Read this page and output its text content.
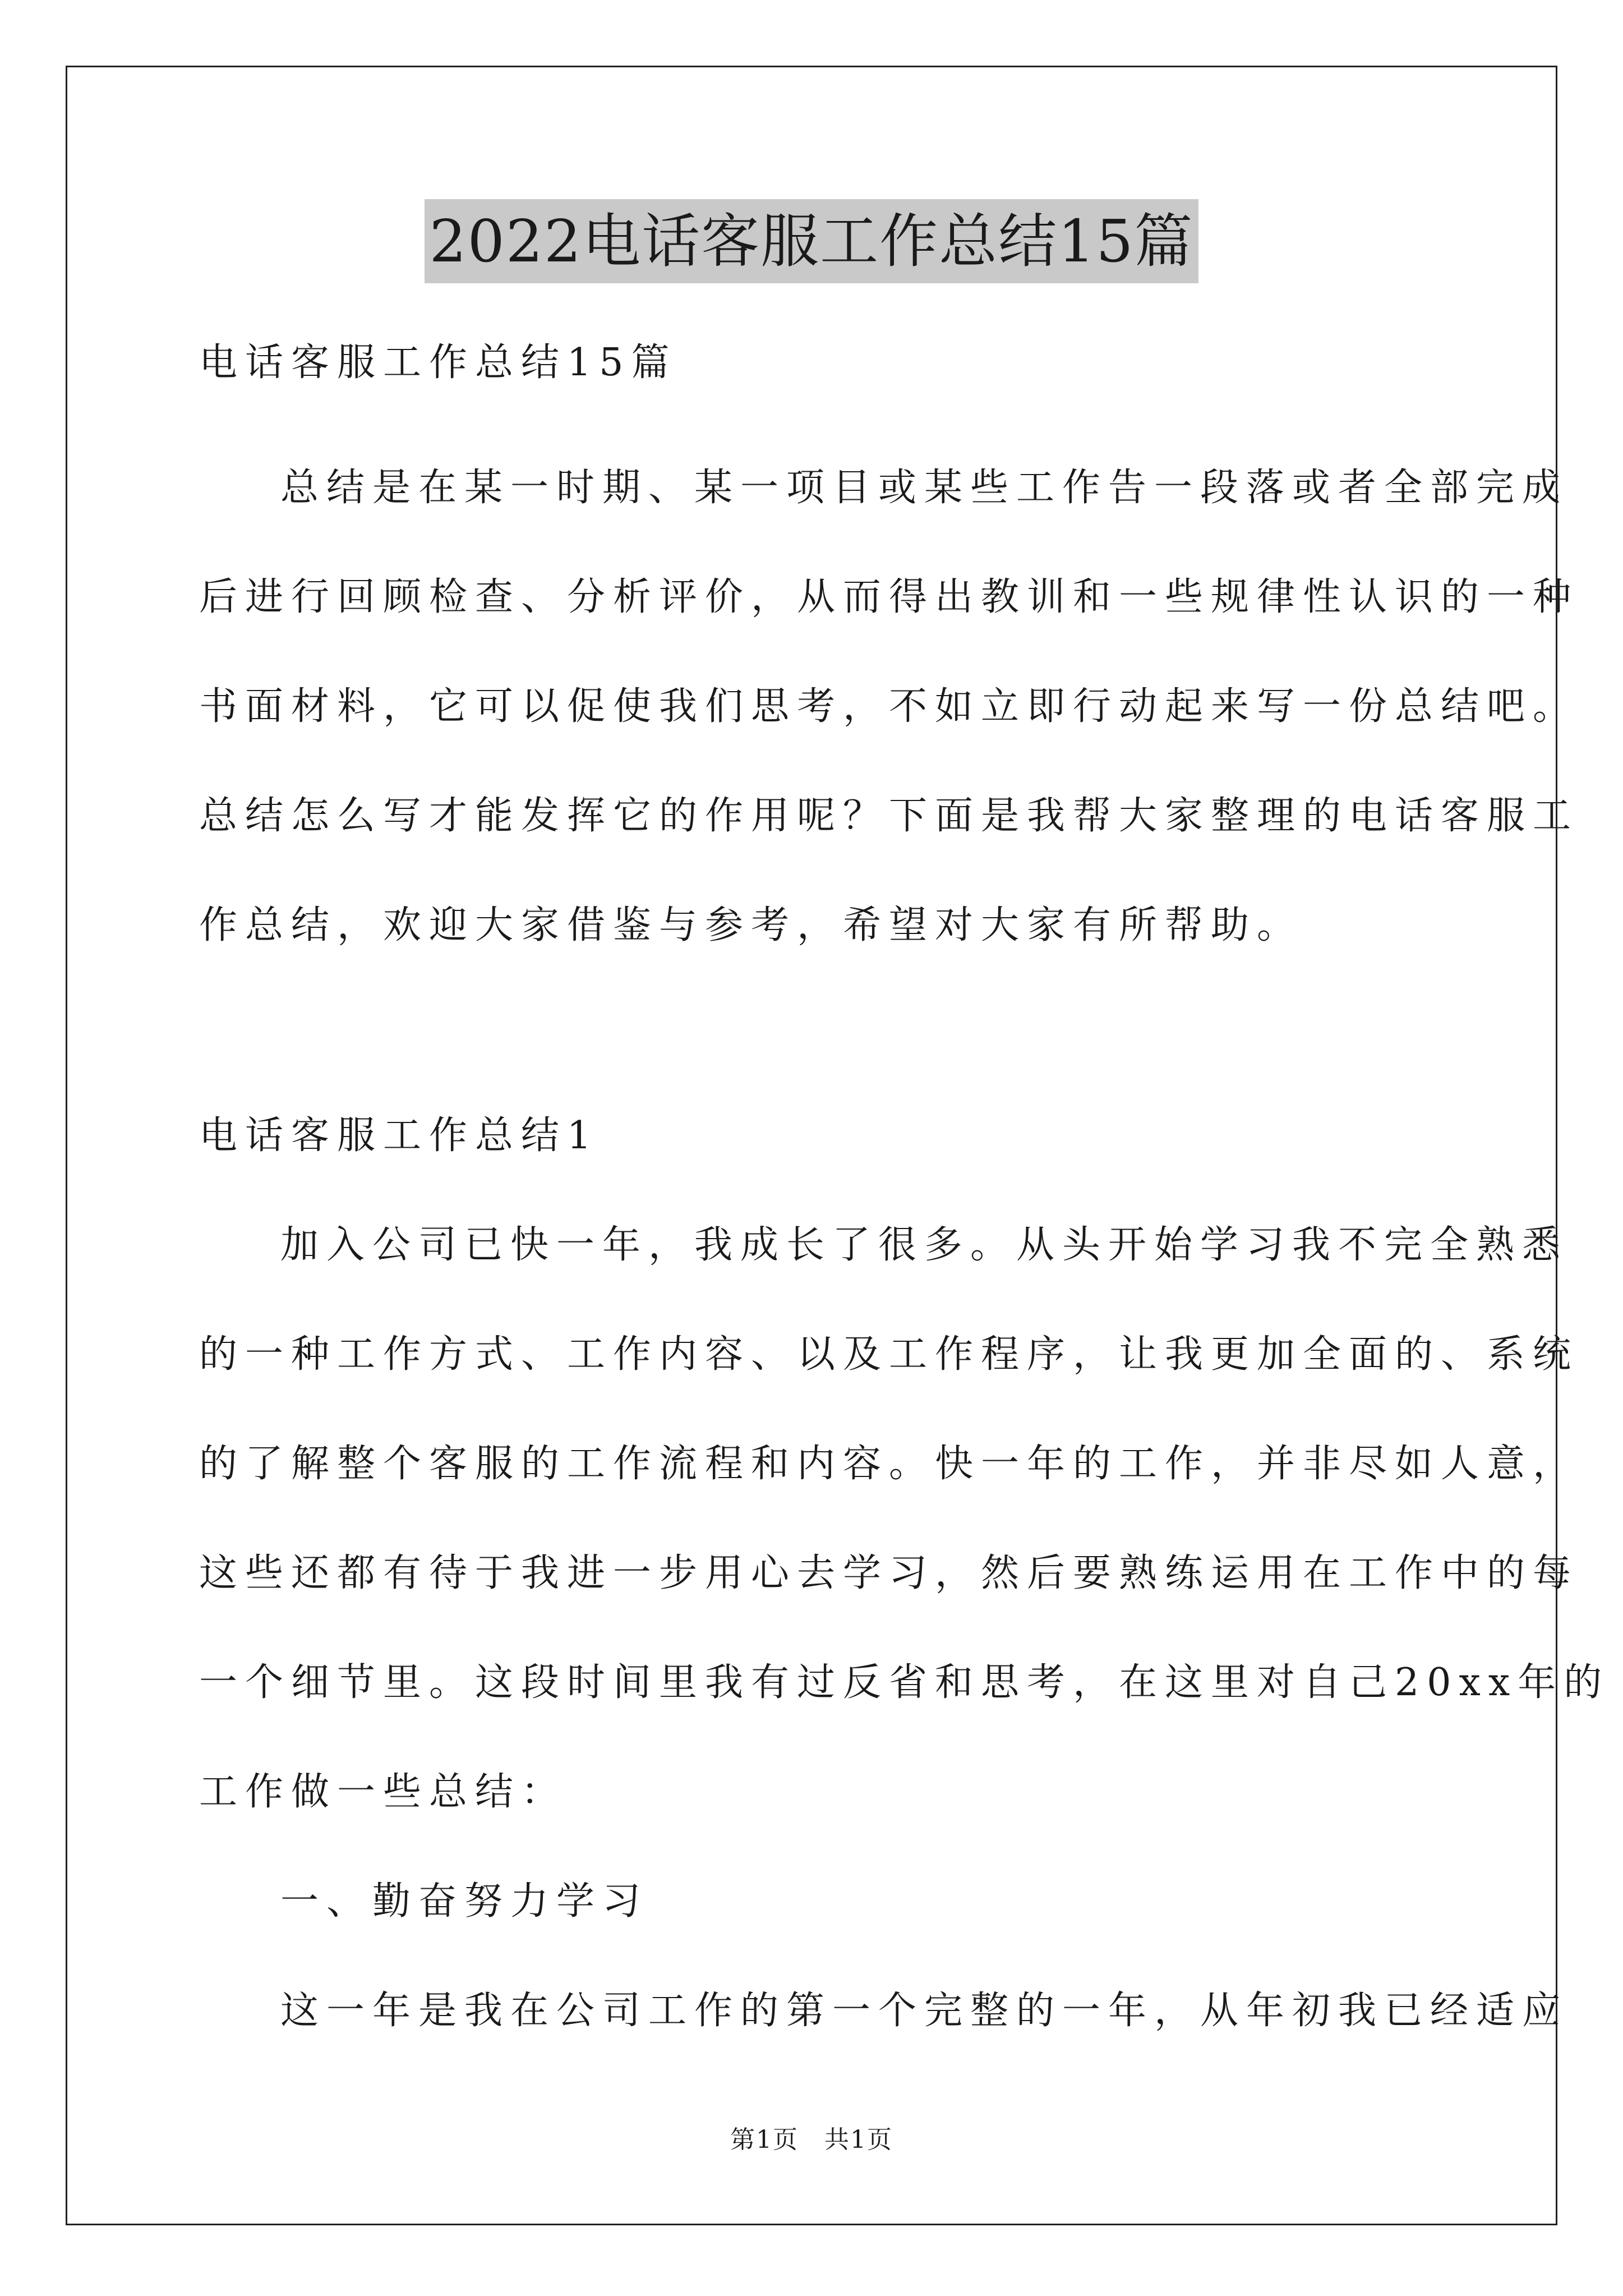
2022电话客服工作总结15篇
电话客服工作总结15篇
总结是在某一时期、某一项目或某些工作告一段落或者全部完成
后进行回顾检查、分析评价，从而得出教训和一些规律性认识的一种
书面材料，它可以促使我们思考，不如立即行动起来写一份总结吧。
总结怎么写才能发挥它的作用呢？下面是我帮大家整理的电话客服工
作总结，欢迎大家借鉴与参考，希望对大家有所帮助。
电话客服工作总结1
加入公司已快一年，我成长了很多。从头开始学习我不完全熟悉
的一种工作方式、工作内容、以及工作程序，让我更加全面的、系统
的了解整个客服的工作流程和内容。快一年的工作，并非尽如人意，
这些还都有待于我进一步用心去学习，然后要熟练运用在工作中的每
一个细节里。这段时间里我有过反省和思考，在这里对自己20xx年的
工作做一些总结：
一、勤奋努力学习
这一年是我在公司工作的第一个完整的一年，从年初我已经适应
第1页　共1页
